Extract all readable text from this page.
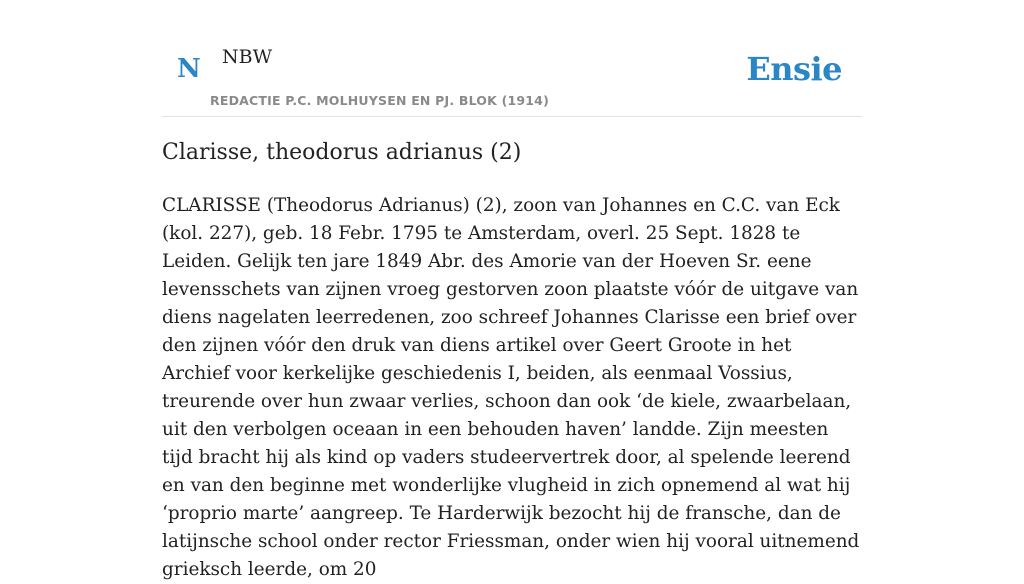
N NBW
REDACTIE P.C. MOLHUYSEN EN PJ. BLOK (1914)
Ensie
Clarisse, theodorus adrianus (2)

CLARISSE (Theodorus Adrianus) (2), zoon van Johannes en C.C. van Eck (kol. 227), geb. 18 Febr. 1795 te Amsterdam, overl. 25 Sept. 1828 te Leiden. Gelijk ten jare 1849 Abr. des Amorie van der Hoeven Sr. eene levensschets van zijnen vroeg gestorven zoon plaatste vóór de uitgave van diens nagelaten leerredenen, zoo schreef Johannes Clarisse een brief over den zijnen vóór den druk van diens artikel over Geert Groote in het Archief voor kerkelijke geschiedenis I, beiden, als eenmaal Vossius, treurende over hun zwaar verlies, schoon dan ook ‘de kiele, zwaarbelaan, uit den verbolgen oceaan in een behouden haven’ landde. Zijn meesten tijd bracht hij als kind op vaders studeervertrek door, al spelende leerend en van den beginne met wonderlijke vlugheid in zich opnemend al wat hij ‘proprio marte’ aangreep. Te Harderwijk bezocht hij de fransche, dan de latijnsche school onder rector Friessman, onder wien hij vooral uitnemend grieksch leerde, om 20
